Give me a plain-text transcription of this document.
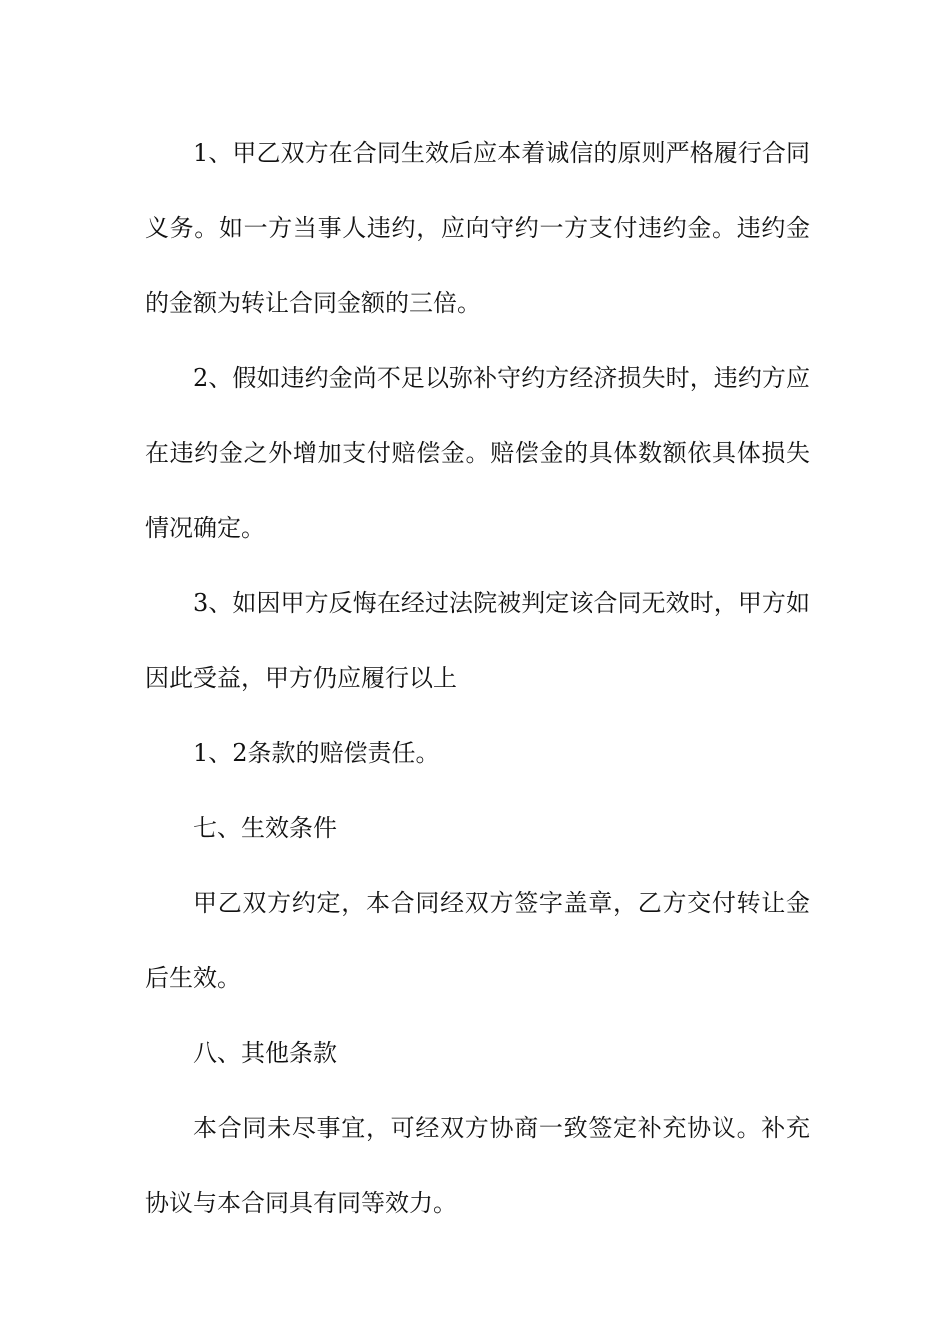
1、甲乙双方在合同生效后应本着诚信的原则严格履行合同义务。如一方当事人违约，应向守约一方支付违约金。违约金的金额为转让合同金额的三倍。

2、假如违约金尚不足以弥补守约方经济损失时，违约方应在违约金之外增加支付赔偿金。赔偿金的具体数额依具体损失情况确定。

3、如因甲方反悔在经过法院被判定该合同无效时，甲方如因此受益，甲方仍应履行以上

1、2条款的赔偿责任。

七、生效条件

甲乙双方约定，本合同经双方签字盖章，乙方交付转让金后生效。

八、其他条款

本合同未尽事宜，可经双方协商一致签定补充协议。补充协议与本合同具有同等效力。
